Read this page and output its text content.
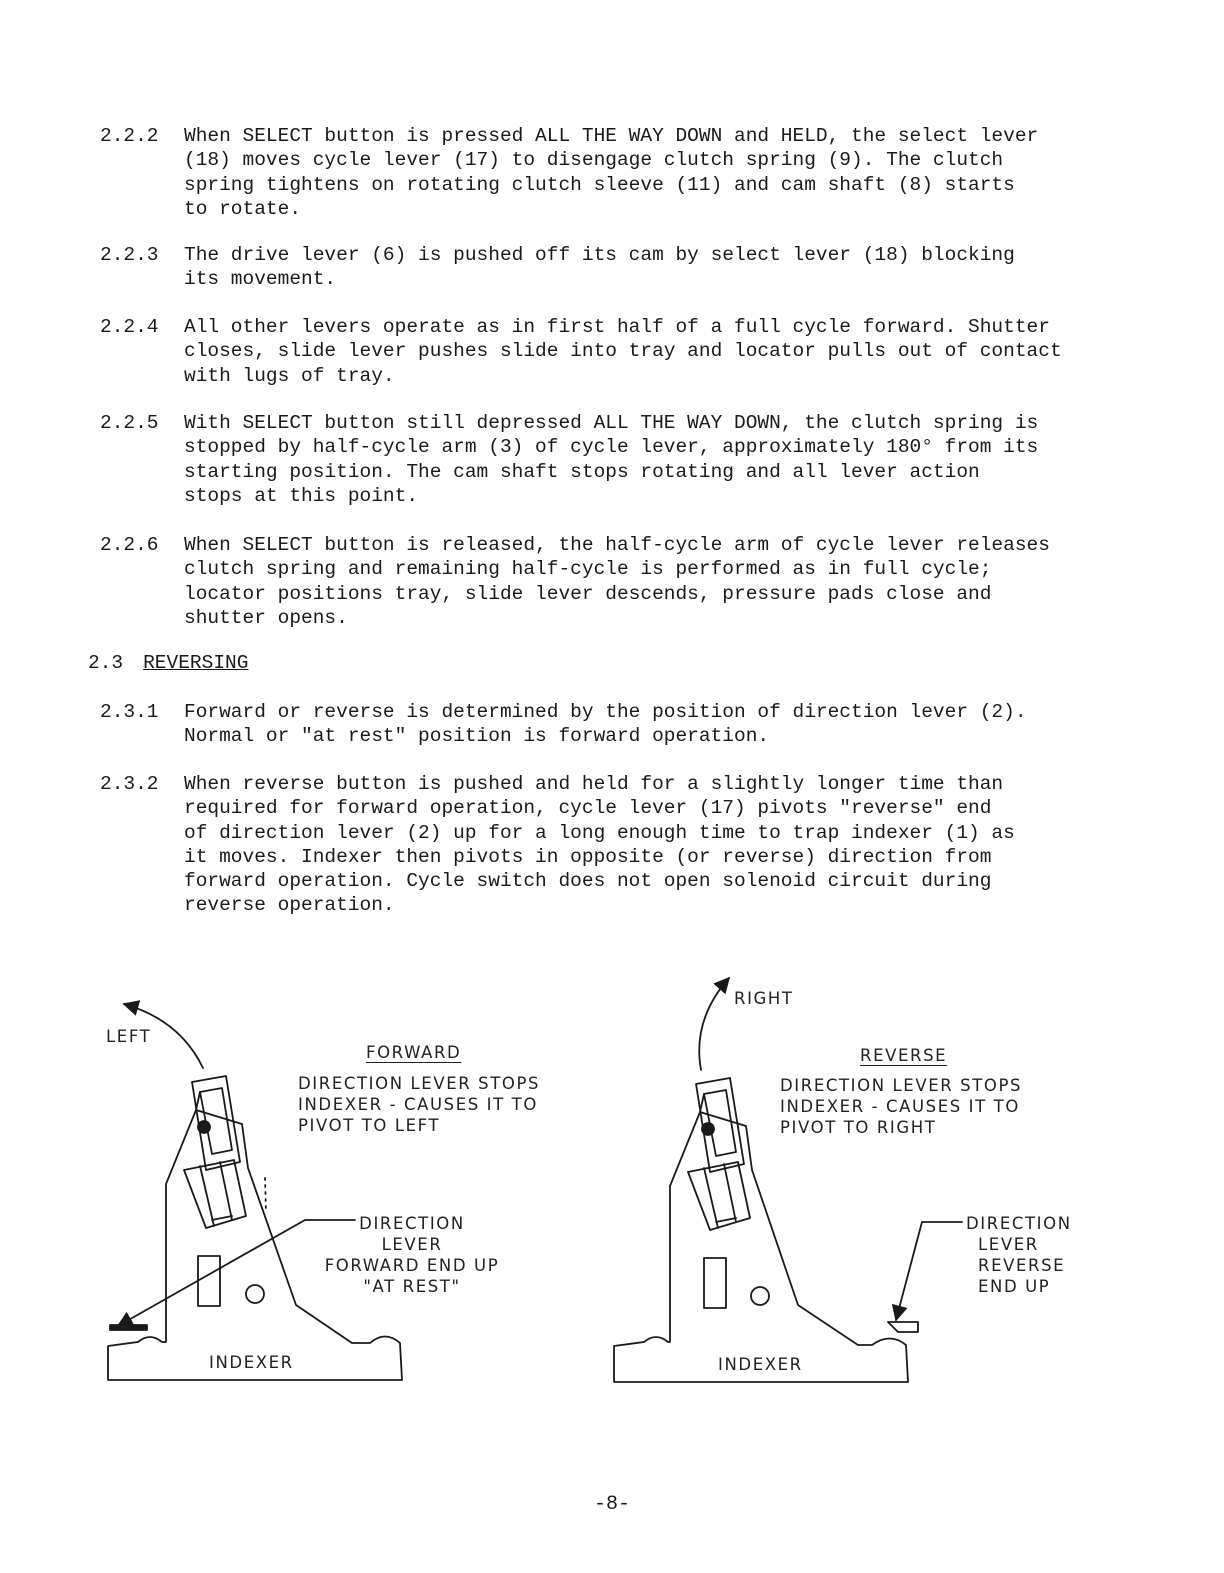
2.2.2 When SELECT button is pressed ALL THE WAY DOWN and HELD, the select lever
(18) moves cycle lever (17) to disengage clutch spring (9). The clutch
spring tightens on rotating clutch sleeve (11) and cam shaft (8) starts
to rotate.
2.2.3 The drive lever (6) is pushed off its cam by select lever (18) blocking
its movement.
2.2.4 All other levers operate as in first half of a full cycle forward. Shutter
closes, slide lever pushes slide into tray and locator pulls out of contact
with lugs of tray.
2.2.5 With SELECT button still depressed ALL THE WAY DOWN, the clutch spring is
stopped by half-cycle arm (3) of cycle lever, approximately 180° from its
starting position. The cam shaft stops rotating and all lever action
stops at this point.
2.2.6 When SELECT button is released, the half-cycle arm of cycle lever releases
clutch spring and remaining half-cycle is performed as in full cycle;
locator positions tray, slide lever descends, pressure pads close and
shutter opens.
2.3 REVERSING
2.3.1 Forward or reverse is determined by the position of direction lever (2).
Normal or "at rest" position is forward operation.
2.3.2 When reverse button is pushed and held for a slightly longer time than
required for forward operation, cycle lever (17) pivots "reverse" end
of direction lever (2) up for a long enough time to trap indexer (1) as
it moves. Indexer then pivots in opposite (or reverse) direction from
forward operation. Cycle switch does not open solenoid circuit during
reverse operation.
LEFT
FORWARD
DIRECTION LEVER STOPS
INDEXER - CAUSES IT TO
PIVOT TO LEFT
DIRECTION
LEVER
FORWARD END UP
"AT REST"
INDEXER
RIGHT
REVERSE
DIRECTION LEVER STOPS
INDEXER - CAUSES IT TO
PIVOT TO RIGHT
DIRECTION
LEVER
REVERSE
END UP
INDEXER
-8-
